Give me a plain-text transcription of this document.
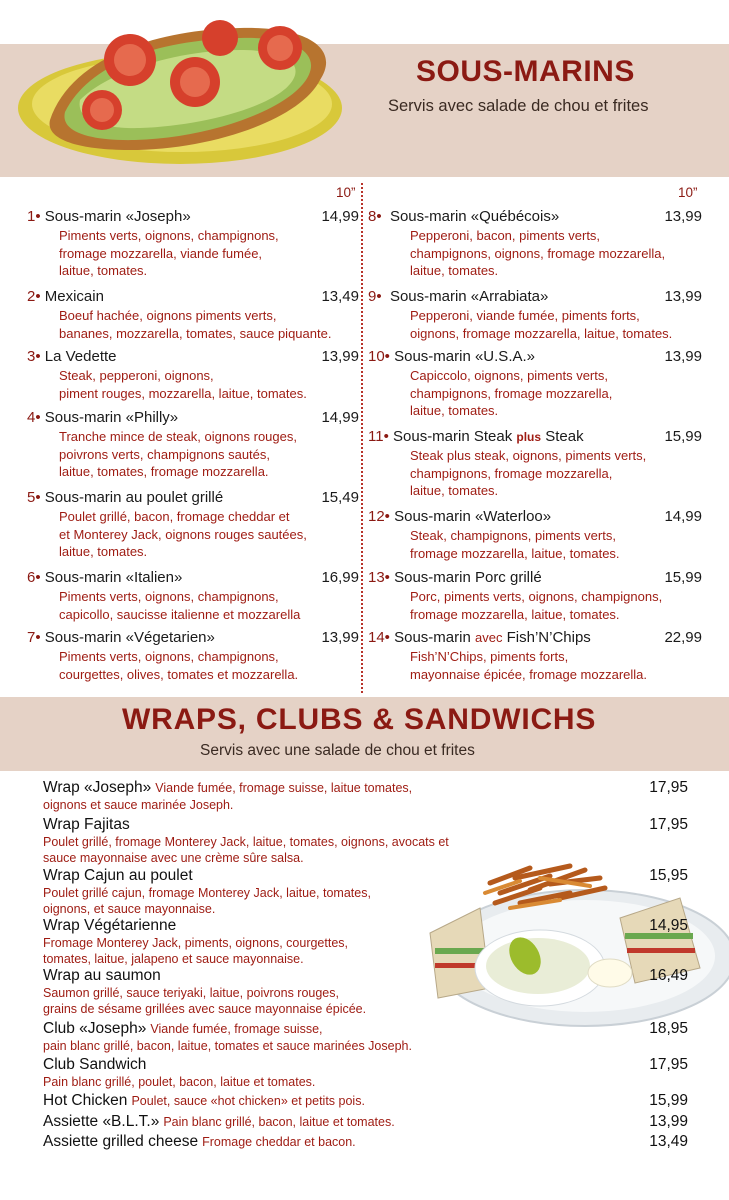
SOUS-MARINS
Servis avec salade de chou et frites
10”	10”
1• Sous-marin «Joseph»	14,99
Piments verts, oignons, champignons,
fromage mozzarella, viande fumée,
laitue, tomates.
2• Mexicain	13,49
Boeuf hachée, oignons piments verts,
bananes, mozzarella, tomates, sauce piquante.
3• La Vedette	13,99
Steak, pepperoni, oignons,
piment rouges, mozzarella, laitue, tomates.
4• Sous-marin «Philly»	14,99
Tranche mince de steak, oignons rouges,
poivrons verts, champignons sautés,
laitue, tomates, fromage mozzarella.
5• Sous-marin au poulet grillé	15,49
Poulet grillé, bacon, fromage cheddar et
et Monterey Jack, oignons rouges sautées,
laitue, tomates.
6• Sous-marin «Italien»	16,99
Piments verts, oignons, champignons,
capicollo, saucisse italienne et mozzarella
7• Sous-marin «Végetarien»	13,99
Piments verts, oignons, champignons,
courgettes, olives, tomates et mozzarella.
8• Sous-marin «Québécois»	13,99
Pepperoni, bacon, piments verts,
champignons, oignons, fromage mozzarella,
laitue, tomates.
9• Sous-marin «Arrabiata»	13,99
Pepperoni, viande fumée, piments forts,
oignons, fromage mozzarella, laitue, tomates.
10• Sous-marin «U.S.A.»	13,99
Capiccolo, oignons, piments verts,
champignons, fromage mozzarella,
laitue, tomates.
11• Sous-marin Steak plus Steak	15,99
Steak plus steak, oignons, piments verts,
champignons, fromage mozzarella,
laitue, tomates.
12• Sous-marin «Waterloo»	14,99
Steak, champignons, piments verts,
fromage mozzarella, laitue, tomates.
13• Sous-marin Porc grillé	15,99
Porc, piments verts, oignons, champignons,
fromage mozzarella, laitue, tomates.
14• Sous-marin avec Fish’N’Chips	22,99
Fish’N’Chips, piments forts,
mayonnaise épicée, fromage mozzarella.
WRAPS, CLUBS & SANDWICHS
Servis avec une salade de chou et frites
Wrap «Joseph» Viande fumée, fromage suisse, laitue tomates,	17,95
oignons et sauce marinée Joseph.
Wrap Fajitas	17,95
Poulet grillé, fromage Monterey Jack, laitue, tomates, oignons, avocats et
sauce mayonnaise avec une crème sûre salsa.
Wrap Cajun au poulet	15,95
Poulet grillé cajun, fromage Monterey Jack, laitue, tomates,
oignons, et sauce mayonnaise.
Wrap Végétarienne	14,95
Fromage Monterey Jack, piments, oignons, courgettes,
tomates, laitue, jalapeno et sauce mayonnaise.
Wrap au saumon	16,49
Saumon grillé, sauce teriyaki, laitue, poivrons rouges,
grains de sésame grillées avec sauce mayonnaise épicée.
Club «Joseph» Viande fumée, fromage suisse,	18,95
pain blanc grillé, bacon, laitue, tomates et sauce marinées Joseph.
Club Sandwich	17,95
Pain blanc grillé, poulet, bacon, laitue et tomates.
Hot Chicken Poulet, sauce «hot chicken» et petits pois.	15,99
Assiette «B.L.T.» Pain blanc grillé, bacon, laitue et tomates.	13,99
Assiette grilled cheese Fromage cheddar et bacon.	13,49
